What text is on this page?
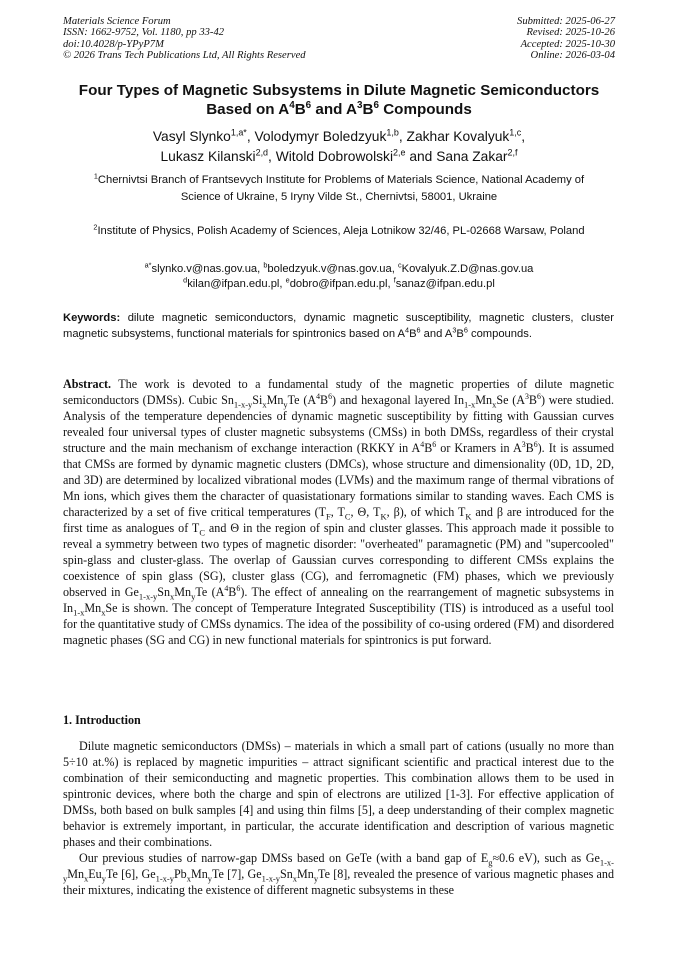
Materials Science Forum
ISSN: 1662-9752, Vol. 1180, pp 33-42
doi:10.4028/p-YPyP7M
© 2026 Trans Tech Publications Ltd, All Rights Reserved
Submitted: 2025-06-27
Revised: 2025-10-26
Accepted: 2025-10-30
Online: 2026-03-04
Four Types of Magnetic Subsystems in Dilute Magnetic Semiconductors
Based on $A^4B^6$ and $A^3B^6$ Compounds
Vasyl Slynko$^{1,a*}$, Volodymyr Boledzyuk$^{1,b}$, Zakhar Kovalyuk$^{1,c}$,
Lukasz Kilanski$^{2,d}$, Witold Dobrowolski$^{2,e}$ and Sana Zakar$^{2,f}$
$^1$Chernivtsi Branch of Frantsevych Institute for Problems of Materials Science, National Academy of Science of Ukraine, 5 Iryny Vilde St., Chernivtsi, 58001, Ukraine
$^2$Institute of Physics, Polish Academy of Sciences, Aleja Lotnikow 32/46, PL-02668 Warsaw, Poland
$^{a*}$slynko.v@nas.gov.ua, $^b$boledzyuk.v@nas.gov.ua, $^c$Kovalyuk.Z.D@nas.gov.ua
$^d$kilan@ifpan.edu.pl, $^e$dobro@ifpan.edu.pl, $^f$sanaz@ifpan.edu.pl
Keywords: dilute magnetic semiconductors, dynamic magnetic susceptibility, magnetic clusters, cluster magnetic subsystems, functional materials for spintronics based on $A^4B^6$ and $A^3B^6$ compounds.
Abstract. The work is devoted to a fundamental study of the magnetic properties of dilute magnetic semiconductors (DMSs). Cubic $Sn_{1-x-y}Si_xMn_yTe$ $(A^4B^6)$ and hexagonal layered $In_{1-x}Mn_xSe$ $(A^3B^6)$ were studied. Analysis of the temperature dependencies of dynamic magnetic susceptibility by fitting with Gaussian curves revealed four universal types of cluster magnetic subsystems (CMSs) in both DMSs, regardless of their crystal structure and the main mechanism of exchange interaction (RKKY in $A^4B^6$ or Kramers in $A^3B^6$). It is assumed that CMSs are formed by dynamic magnetic clusters (DMCs), whose structure and dimensionality (0D, 1D, 2D, and 3D) are determined by localized vibrational modes (LVMs) and the maximum range of thermal vibrations of Mn ions, which gives them the character of quasistationary formations similar to standing waves. Each CMS is characterized by a set of five critical temperatures ($T_F$, $T_C$, Θ, $T_K$, β), of which $T_K$ and β are introduced for the first time as analogues of $T_C$ and Θ in the region of spin and cluster glasses. This approach made it possible to reveal a symmetry between two types of magnetic disorder: "overheated" paramagnetic (PM) and "supercooled" spin-glass and cluster-glass. The overlap of Gaussian curves corresponding to different CMSs explains the coexistence of spin glass (SG), cluster glass (CG), and ferromagnetic (FM) phases, which we previously observed in $Ge_{1-x-y}Sn_xMn_yTe$ $(A^4B^6)$. The effect of annealing on the rearrangement of magnetic subsystems in $In_{1-x}Mn_xSe$ is shown. The concept of Temperature Integrated Susceptibility (TIS) is introduced as a useful tool for the quantitative study of CMSs dynamics. The idea of the possibility of co-using ordered (FM) and disordered magnetic phases (SG and CG) in new functional materials for spintronics is put forward.
1. Introduction

Dilute magnetic semiconductors (DMSs) – materials in which a small part of cations (usually no more than 5÷10 at.%) is replaced by magnetic impurities – attract significant scientific and practical interest due to the combination of their semiconducting and magnetic properties. This combination allows them to be used in spintronic devices, where both the charge and spin of electrons are utilized [1-3]. For effective application of DMSs, both based on bulk samples [4] and using thin films [5], a deep understanding of their complex magnetic behavior is extremely important, in particular, the accurate identification and description of various magnetic phases and their combinations.

Our previous studies of narrow-gap DMSs based on GeTe (with a band gap of $E_g\approx 0.6$ eV), such as $Ge_{1-x-y}Mn_xEu_yTe$ [6], $Ge_{1-x-y}Pb_xMn_yTe$ [7], $Ge_{1-x-y}Sn_xMn_yTe$ [8], revealed the presence of various magnetic phases and their mixtures, indicating the existence of different magnetic subsystems in these
